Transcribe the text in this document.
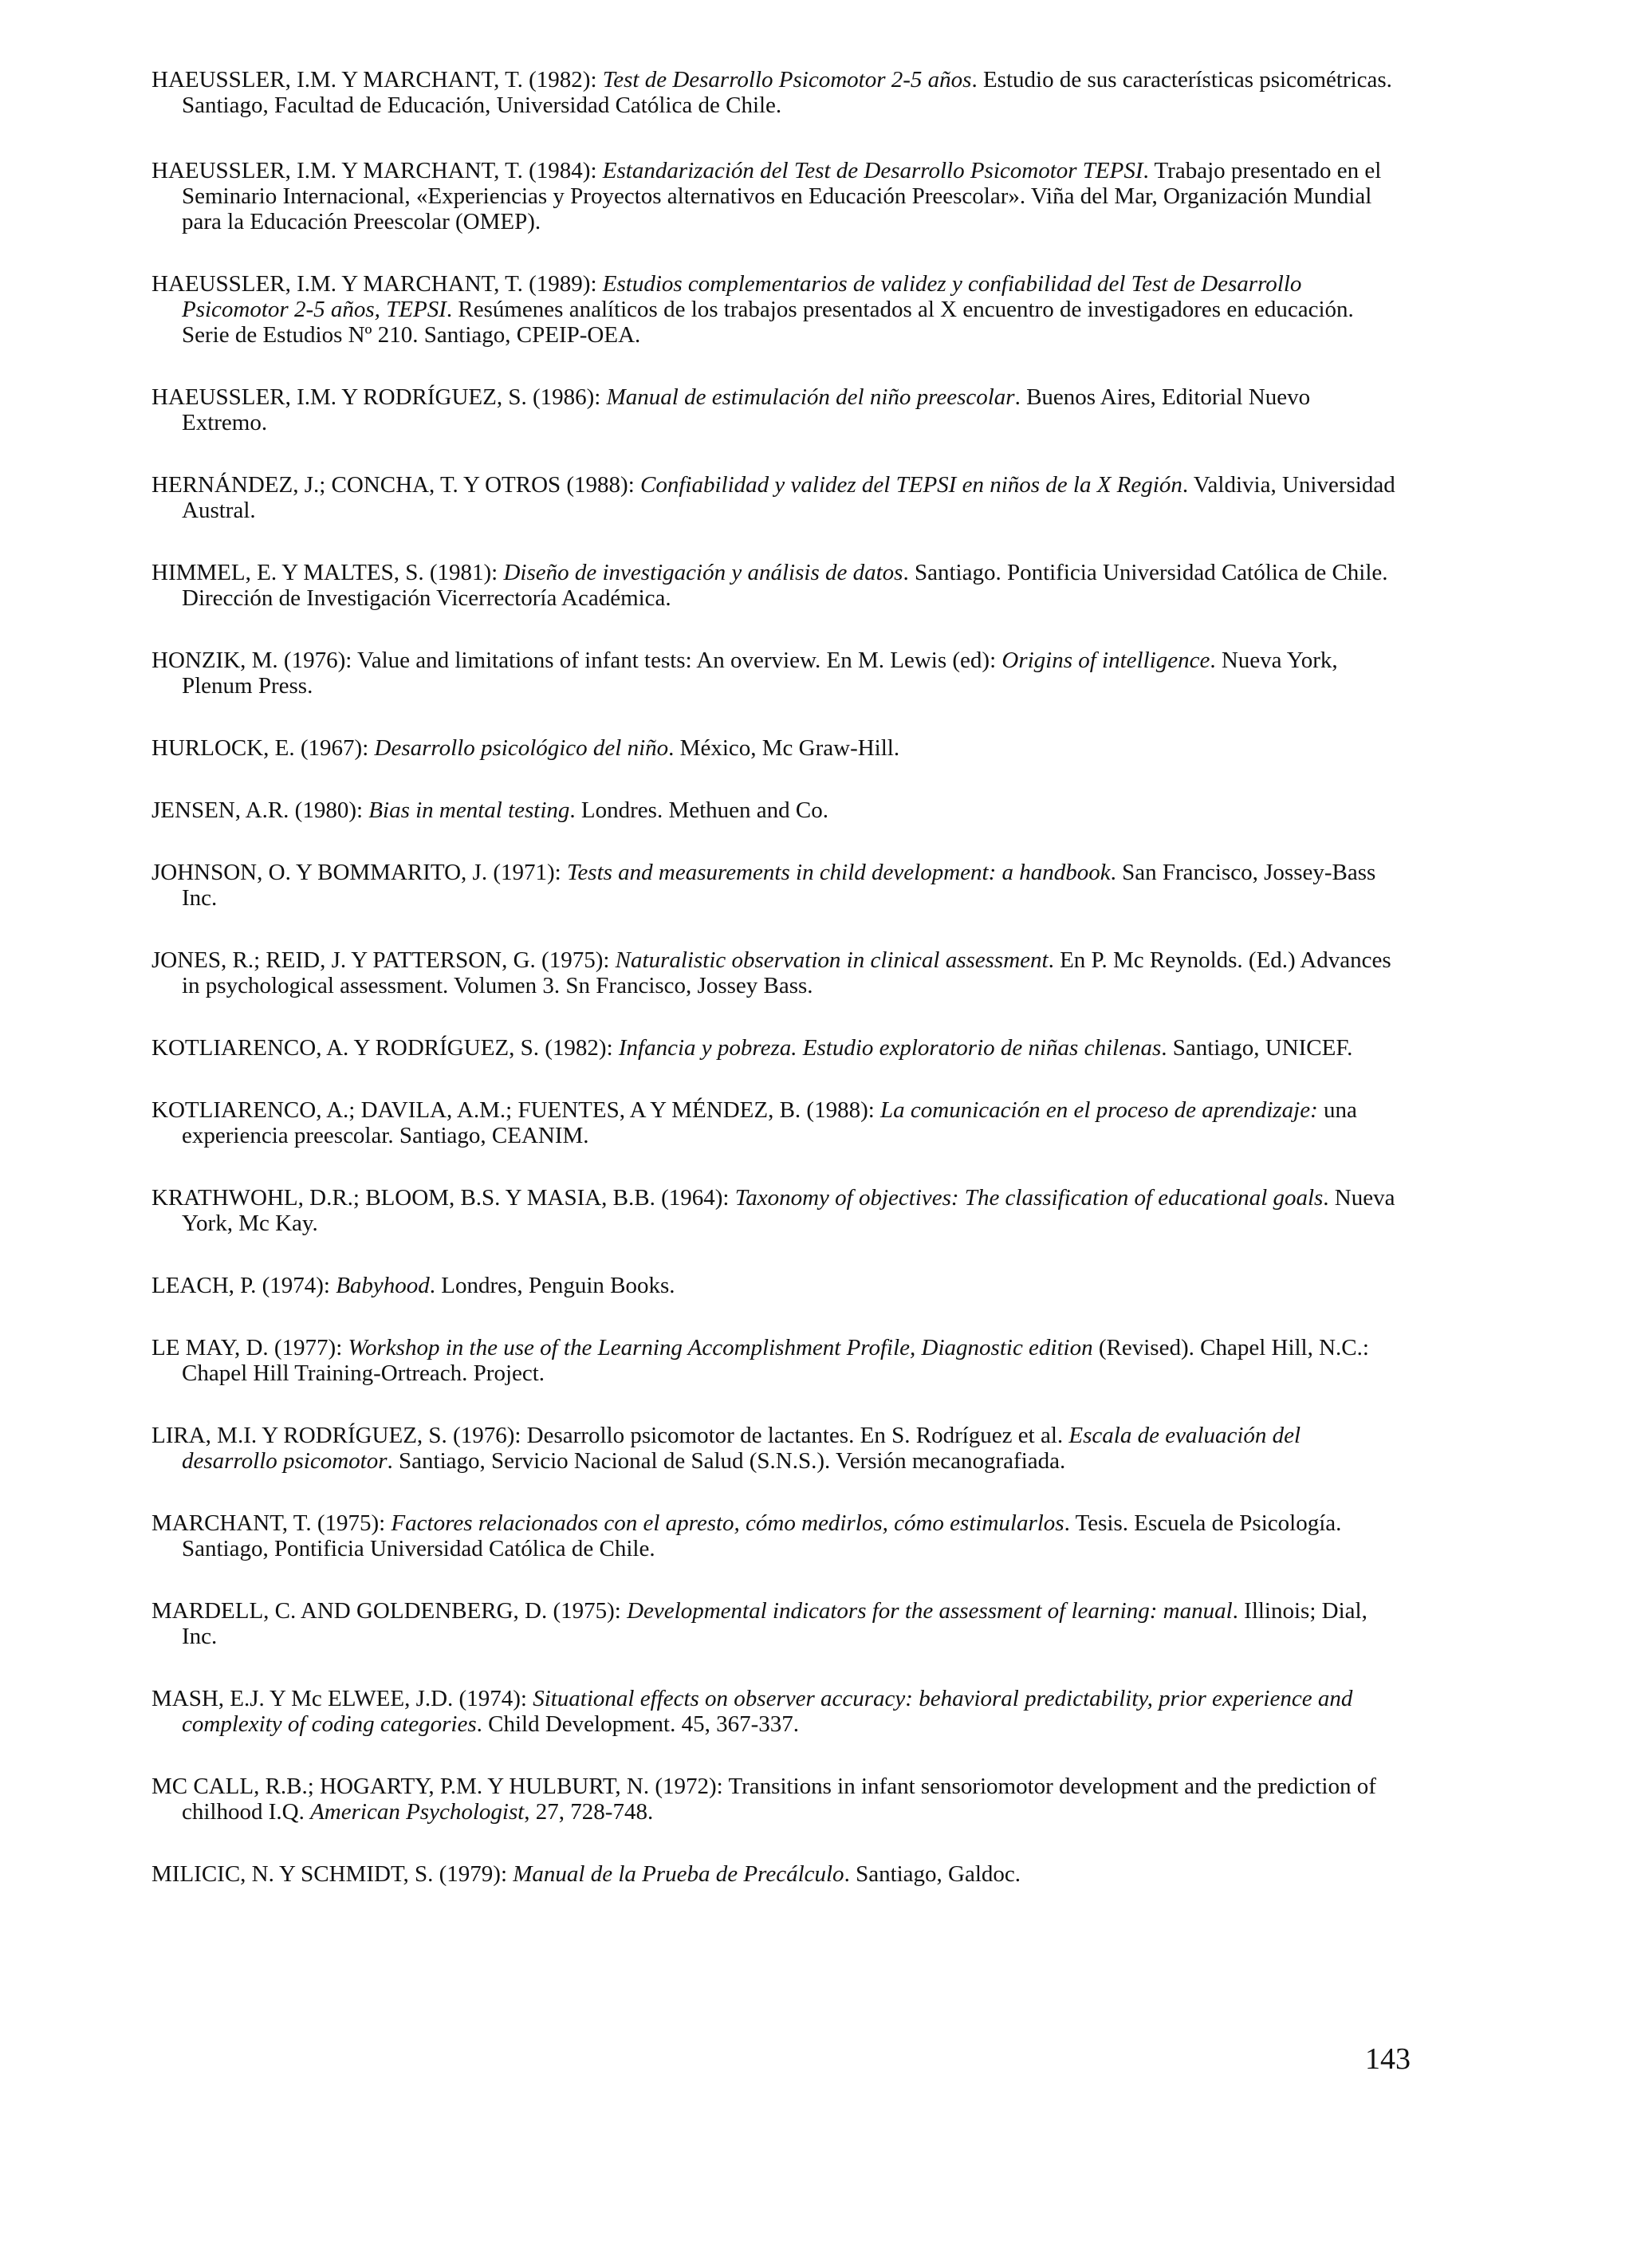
HAEUSSLER, I.M. Y MARCHANT, T. (1982): Test de Desarrollo Psicomotor 2-5 años. Estudio de sus características psicométricas. Santiago, Facultad de Educación, Universidad Católica de Chile.

HAEUSSLER, I.M. Y MARCHANT, T. (1984): Estandarización del Test de Desarrollo Psicomotor TEPSI. Trabajo presentado en el Seminario Internacional, «Experiencias y Proyectos alternativos en Educación Preescolar». Viña del Mar, Organización Mundial para la Educación Preescolar (OMEP).

HAEUSSLER, I.M. Y MARCHANT, T. (1989): Estudios complementarios de validez y confiabilidad del Test de Desarrollo Psicomotor 2-5 años, TEPSI. Resúmenes analíticos de los trabajos presentados al X encuentro de investigadores en educación. Serie de Estudios Nº 210. Santiago, CPEIP-OEA.

HAEUSSLER, I.M. Y RODRÍGUEZ, S. (1986): Manual de estimulación del niño preescolar. Buenos Aires, Editorial Nuevo Extremo.

HERNÁNDEZ, J.; CONCHA, T. Y OTROS (1988): Confiabilidad y validez del TEPSI en niños de la X Región. Valdivia, Universidad Austral.

HIMMEL, E. Y MALTES, S. (1981): Diseño de investigación y análisis de datos. Santiago. Pontificia Universidad Católica de Chile. Dirección de Investigación Vicerrectoría Académica.

HONZIK, M. (1976): Value and limitations of infant tests: An overview. En M. Lewis (ed): Origins of intelligence. Nueva York, Plenum Press.

HURLOCK, E. (1967): Desarrollo psicológico del niño. México, Mc Graw-Hill.

JENSEN, A.R. (1980): Bias in mental testing. Londres. Methuen and Co.

JOHNSON, O. Y BOMMARITO, J. (1971): Tests and measurements in child development: a handbook. San Francisco, Jossey-Bass Inc.

JONES, R.; REID, J. Y PATTERSON, G. (1975): Naturalistic observation in clinical assessment. En P. Mc Reynolds. (Ed.) Advances in psychological assessment. Volumen 3. Sn Francisco, Jossey Bass.

KOTLIARENCO, A. Y RODRÍGUEZ, S. (1982): Infancia y pobreza. Estudio exploratorio de niñas chilenas. Santiago, UNICEF.

KOTLIARENCO, A.; DAVILA, A.M.; FUENTES, A Y MÉNDEZ, B. (1988): La comunicación en el proceso de aprendizaje: una experiencia preescolar. Santiago, CEANIM.

KRATHWOHL, D.R.; BLOOM, B.S. Y MASIA, B.B. (1964): Taxonomy of objectives: The classification of educational goals. Nueva York, Mc Kay.

LEACH, P. (1974): Babyhood. Londres, Penguin Books.

LE MAY, D. (1977): Workshop in the use of the Learning Accomplishment Profile, Diagnostic edition (Revised). Chapel Hill, N.C.: Chapel Hill Training-Ortreach. Project.

LIRA, M.I. Y RODRÍGUEZ, S. (1976): Desarrollo psicomotor de lactantes. En S. Rodríguez et al. Escala de evaluación del desarrollo psicomotor. Santiago, Servicio Nacional de Salud (S.N.S.). Versión mecanografiada.

MARCHANT, T. (1975): Factores relacionados con el apresto, cómo medirlos, cómo estimularlos. Tesis. Escuela de Psicología. Santiago, Pontificia Universidad Católica de Chile.

MARDELL, C. AND GOLDENBERG, D. (1975): Developmental indicators for the assessment of learning: manual. Illinois; Dial, Inc.

MASH, E.J. Y Mc ELWEE, J.D. (1974): Situational effects on observer accuracy: behavioral predictability, prior experience and complexity of coding categories. Child Development. 45, 367-337.

MC CALL, R.B.; HOGARTY, P.M. Y HULBURT, N. (1972): Transitions in infant sensoriomotor development and the prediction of chilhood I.Q. American Psychologist, 27, 728-748.

MILICIC, N. Y SCHMIDT, S. (1979): Manual de la Prueba de Precálculo. Santiago, Galdoc.

143
